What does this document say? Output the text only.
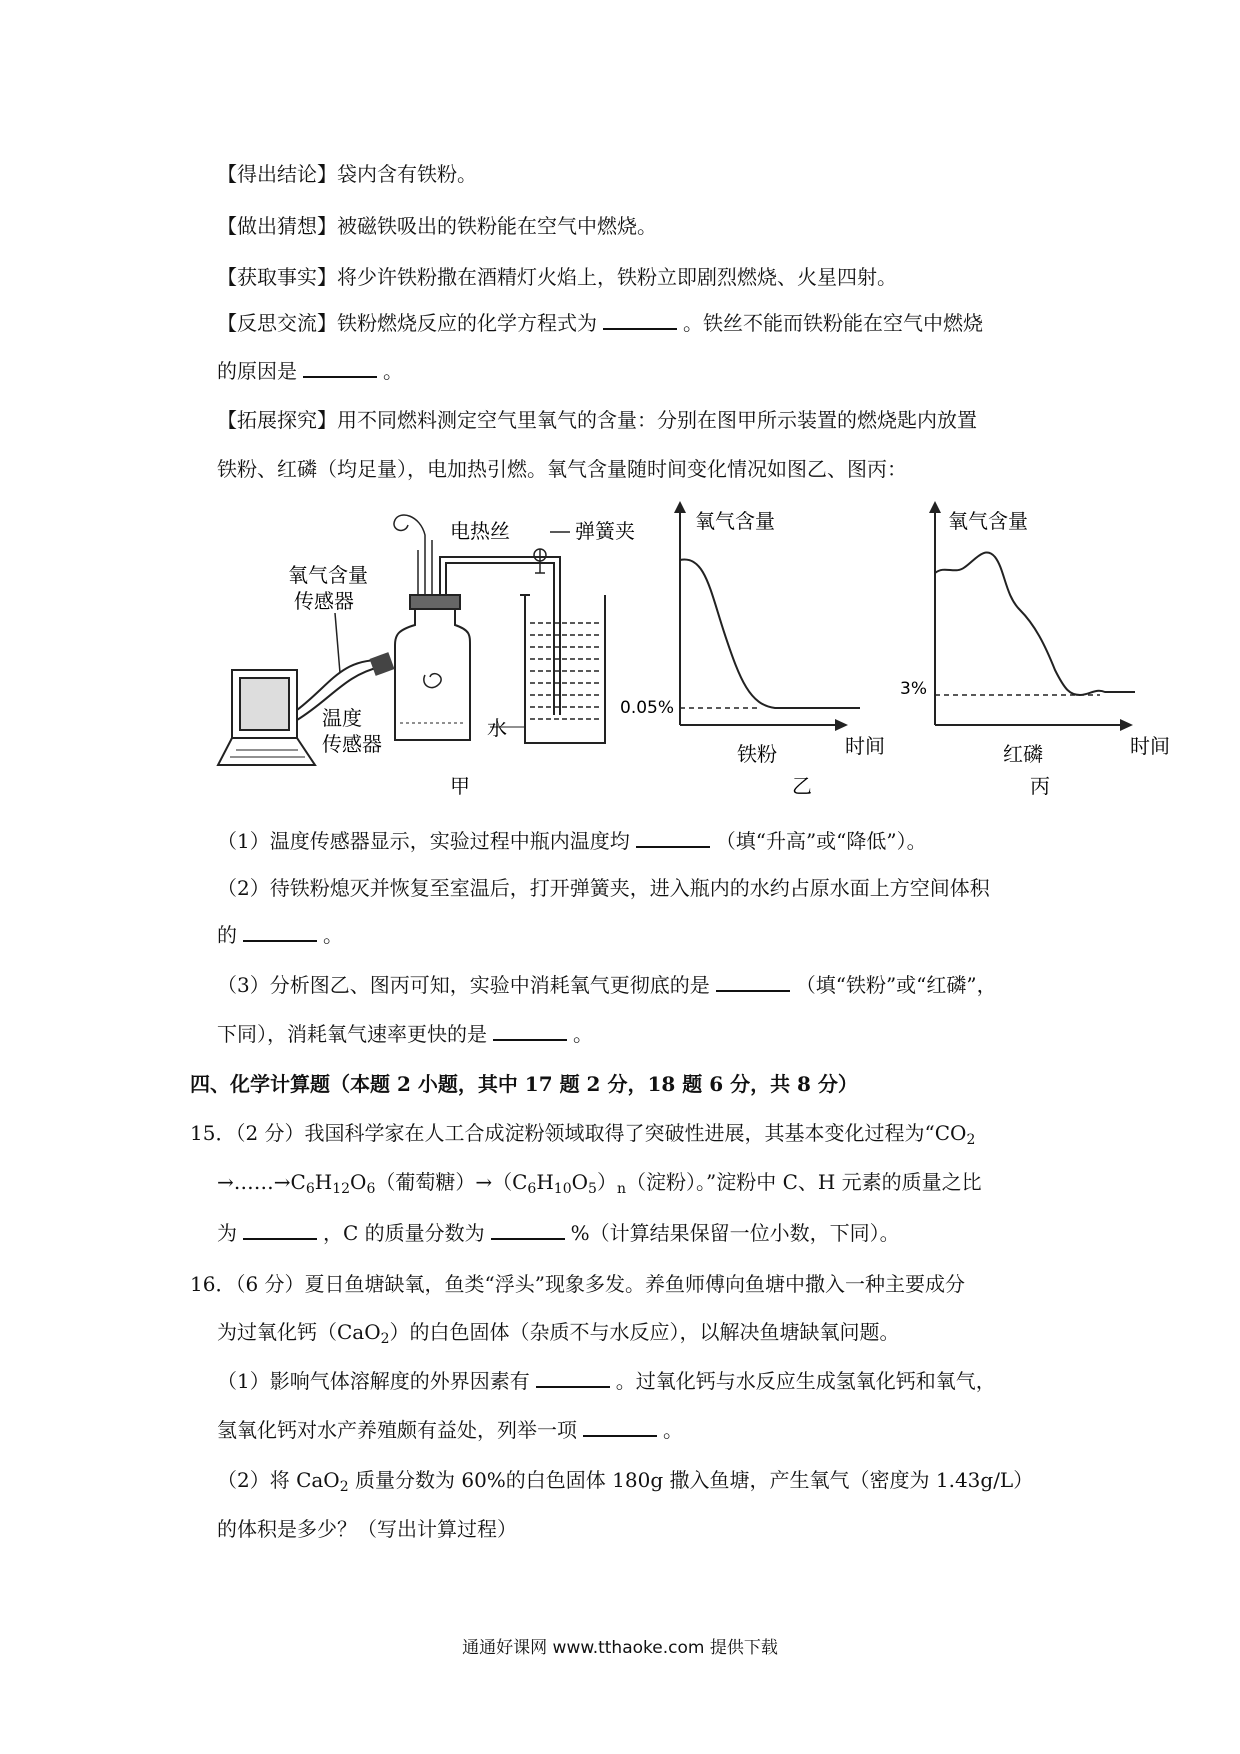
【得出结论】袋内含有铁粉。
【做出猜想】被磁铁吸出的铁粉能在空气中燃烧。
【获取事实】将少许铁粉撒在酒精灯火焰上，铁粉立即剧烈燃烧、火星四射。
【反思交流】铁粉燃烧反应的化学方程式为	。铁丝不能而铁粉能在空气中燃烧
的原因是	。
【拓展探究】用不同燃料测定空气里氧气的含量：分别在图甲所示装置的燃烧匙内放置
铁粉、红磷（均足量），电加热引燃。氧气含量随时间变化情况如图乙、图丙：
氧气含量
传感器
温度
传感器
电热丝	弹簧夹
水
甲
氧气含量
0.05%
铁粉	时间
乙
氧气含量
3%
红磷	时间
丙
（1）温度传感器显示，实验过程中瓶内温度均	（填“升高”或“降低”）。
（2）待铁粉熄灭并恢复至室温后，打开弹簧夹，进入瓶内的水约占原水面上方空间体积
的	。
（3）分析图乙、图丙可知，实验中消耗氧气更彻底的是	（填“铁粉”或“红磷”，
下同），消耗氧气速率更快的是	。
四、化学计算题（本题 2 小题，其中 17 题 2 分，18 题 6 分，共 8 分）
15．（2 分）我国科学家在人工合成淀粉领域取得了突破性进展，其基本变化过程为“$CO_2$
$\to\dots\dots\to C_6H_{12}O_6$（葡萄糖）$\to(C_6H_{10}O_5)_n$（淀粉）。”淀粉中 C、H 元素的质量之比
为	，C 的质量分数为	%（计算结果保留一位小数，下同）。
16．（6 分）夏日鱼塘缺氧，鱼类“浮头”现象多发。养鱼师傅向鱼塘中撒入一种主要成分
为过氧化钙（CaO$_2$）的白色固体（杂质不与水反应），以解决鱼塘缺氧问题。
（1）影响气体溶解度的外界因素有	。过氧化钙与水反应生成氢氧化钙和氧气，
氢氧化钙对水产养殖颇有益处，列举一项	。
（2）将 CaO$_2$ 质量分数为 60%的白色固体 180g 撒入鱼塘，产生氧气（密度为 1.43g/L）
的体积是多少？（写出计算过程）
通通好课网 www.tthaoke.com 提供下载
